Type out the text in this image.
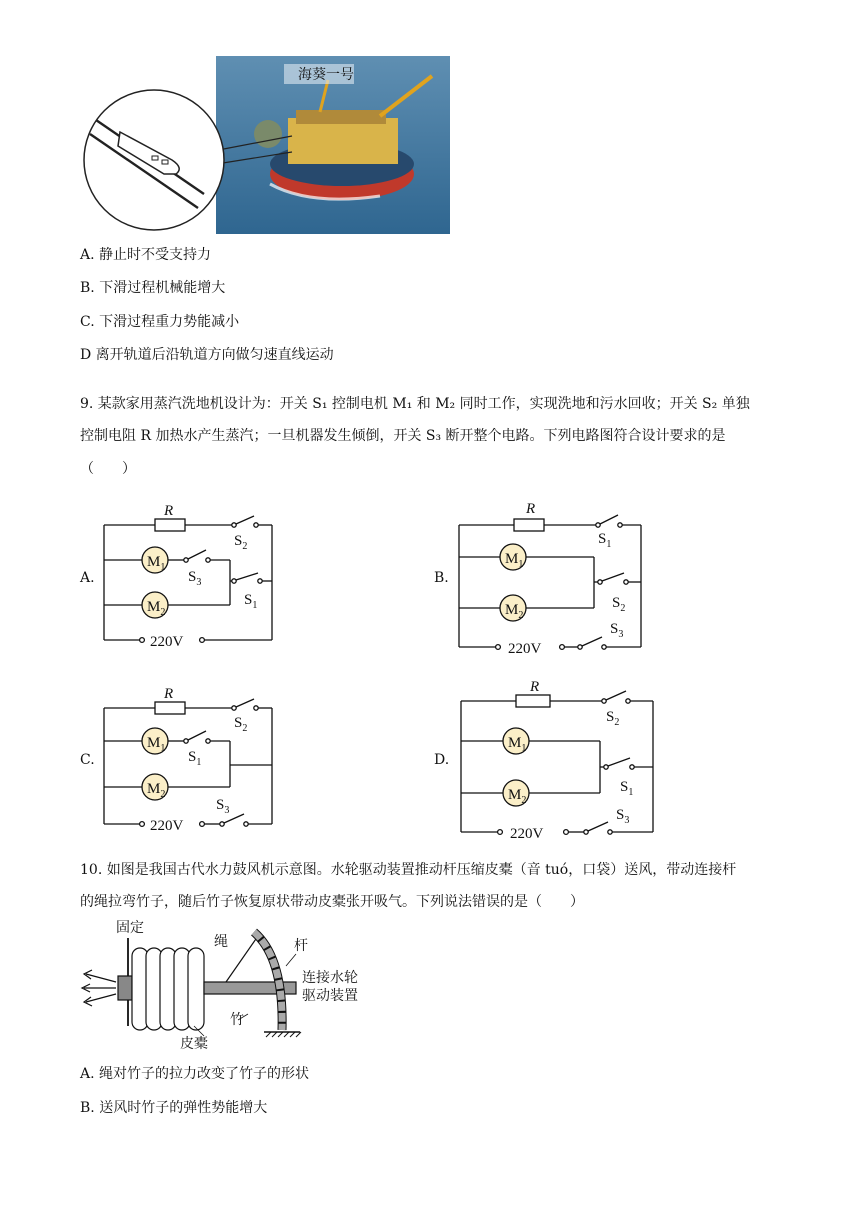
海葵一号
A. 静止时不受支持力
B. 下滑过程机械能增大
C. 下滑过程重力势能减小
D 离开轨道后沿轨道方向做匀速直线运动
9. 某款家用蒸汽洗地机设计为：开关 S₁ 控制电机 M₁ 和 M₂ 同时工作，实现洗地和污水回收；开关 S₂ 单独
控制电阻 R 加热水产生蒸汽；一旦机器发生倾倒，开关 S₃ 断开整个电路。下列电路图符合设计要求的是
（　　）
A.	B.
C.	D.
R
$M_1$
$M_2$
$S_2$
$S_3$
$S_1$
220V
R
$M_1$
$M_2$
$S_1$
$S_2$
$S_3$
220V
R
$M_1$
$M_2$
$S_2$
$S_1$
$S_3$
220V
R
$M_1$
$M_2$
$S_2$
$S_1$
$S_3$
220V
10. 如图是我国古代水力鼓风机示意图。水轮驱动装置推动杆压缩皮橐（音 tuó，口袋）送风，带动连接杆
的绳拉弯竹子，随后竹子恢复原状带动皮橐张开吸气。下列说法错误的是（　　）
固定
绳	杆
连接水轮
驱动装置
竹
皮橐
A. 绳对竹子的拉力改变了竹子的形状
B. 送风时竹子的弹性势能增大
